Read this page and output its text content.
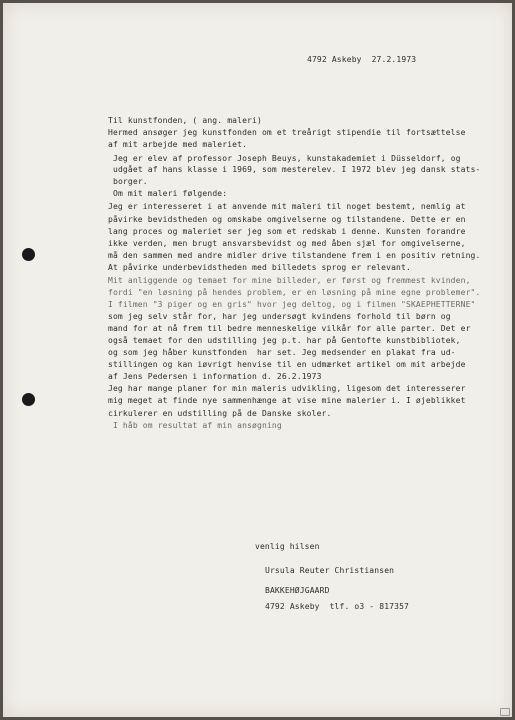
4792 Askeby  27.2.1973
Til kunstfonden, ( ang. maleri)
Hermed ansøger jeg kunstfonden om et treårigt stipendie til fortsættelse
af mit arbejde med maleriet.
Jeg er elev af professor Joseph Beuys, kunstakademiet i Düsseldorf, og
udgået af hans klasse i 1969, som mesterelev. I 1972 blev jeg dansk stats-
borger.
Om mit maleri følgende:
Jeg er interesseret i at anvende mit maleri til noget bestemt, nemlig at
påvirke bevidstheden og omskabe omgivelserne og tilstandene. Dette er en
lang proces og maleriet ser jeg som et redskab i denne. Kunsten forandre
ikke verden, men brugt ansvarsbevidst og med åben sjæl for omgivelserne,
må den sammen med andre midler drive tilstandene frem i en positiv retning.
At påvirke underbevidstheden med billedets sprog er relevant.
Mit anliggende og temaet for mine billeder, er først og fremmest kvinden,
fordi "en løsning på hendes problem, er en løsning på mine egne problemer".
I filmen "3 piger og en gris" hvor jeg deltog, og i filmen "SKAEPHETTERNE"
som jeg selv står for, har jeg undersøgt kvindens forhold til børn og
mand for at nå frem til bedre menneskelige vilkår for alle parter. Det er
også temaet for den udstilling jeg p.t. har på Gentofte kunstbibliotek,
og som jeg håber kunstfonden  har set. Jeg medsender en plakat fra ud-
stillingen og kan iøvrigt henvise til en udmærket artikel om mit arbejde
af Jens Pedersen i information d. 26.2.1973
Jeg har mange planer for min maleris udvikling, ligesom det interesserer
mig meget at finde nye sammenhænge at vise mine malerier i. I øjeblikket
cirkulerer en udstilling på de Danske skoler.
I håb om resultat af min ansøgning
venlig hilsen
Ursula Reuter Christiansen
BAKKEHØJGAARD
4792 Askeby  tlf. o3 - 817357
